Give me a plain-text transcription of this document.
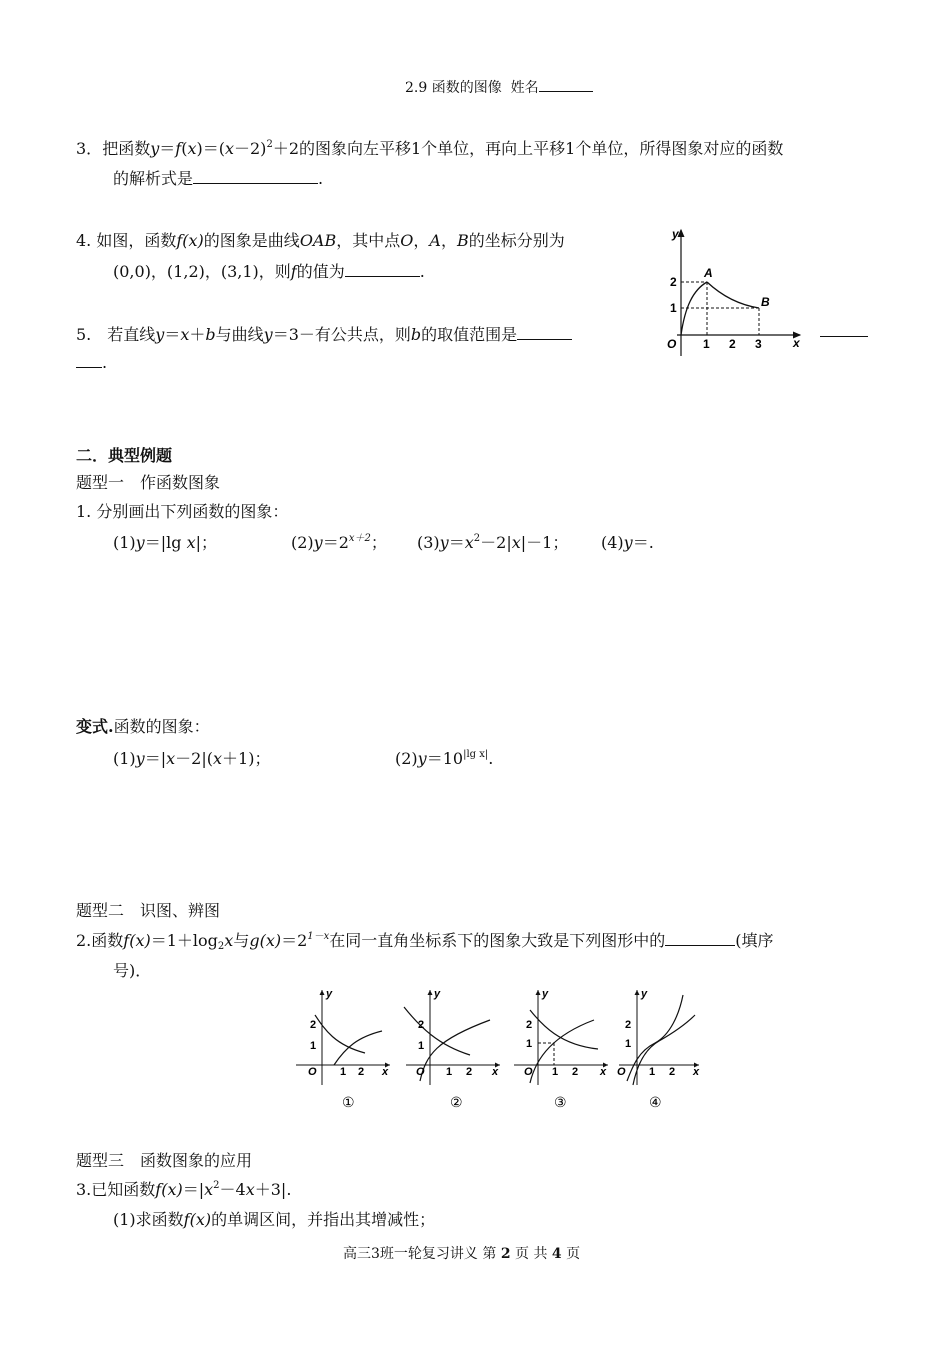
2.9 函数的图像 姓名
3．把函数$y=f(x)=(x-2)^2+2$的图象向左平移1个单位，再向上平移1个单位，所得图象对应的函数
的解析式是	.
4. 如图，函数f(x)的图象是曲线OAB，其中点O，A，B的坐标分别为
(0,0)，(1,2)，(3,1)，则f的值为	.
5.　若直线y＝x＋b与曲线y＝3－有公共点，则b的取值范围是
.
y
x
O
A
B
1 2 3
1
2
二．典型例题
题型一　作函数图象
1. 分别画出下列函数的图象：
(1)y＝|lg x|；	$(2)y=2^{x+2}$； $(3)y=x^2-2|x|-1$； (4)y＝.
变式.函数的图象：
(1)y＝|x－2|(x＋1)；	$(2)y=10^{|lg x|}$.
题型二　识图、辨图
2.函数$f(x)=1+\log_2x$与$g(x)=2^{1-x}$在同一直角坐标系下的图象大致是下列图形中的	(填序
号)．
y
x
O
2
1
1 2
①
y
x
O
2
1
1 2
②
y
x
O
2
1
1 2
③
y
x
O
2
1
1 2
④
题型三　函数图象的应用
3.已知函数$f(x)=|x^2-4x+3|$.
(1)求函数f(x)的单调区间，并指出其增减性；
高三3班一轮复习讲义 第 2 页 共 4 页
